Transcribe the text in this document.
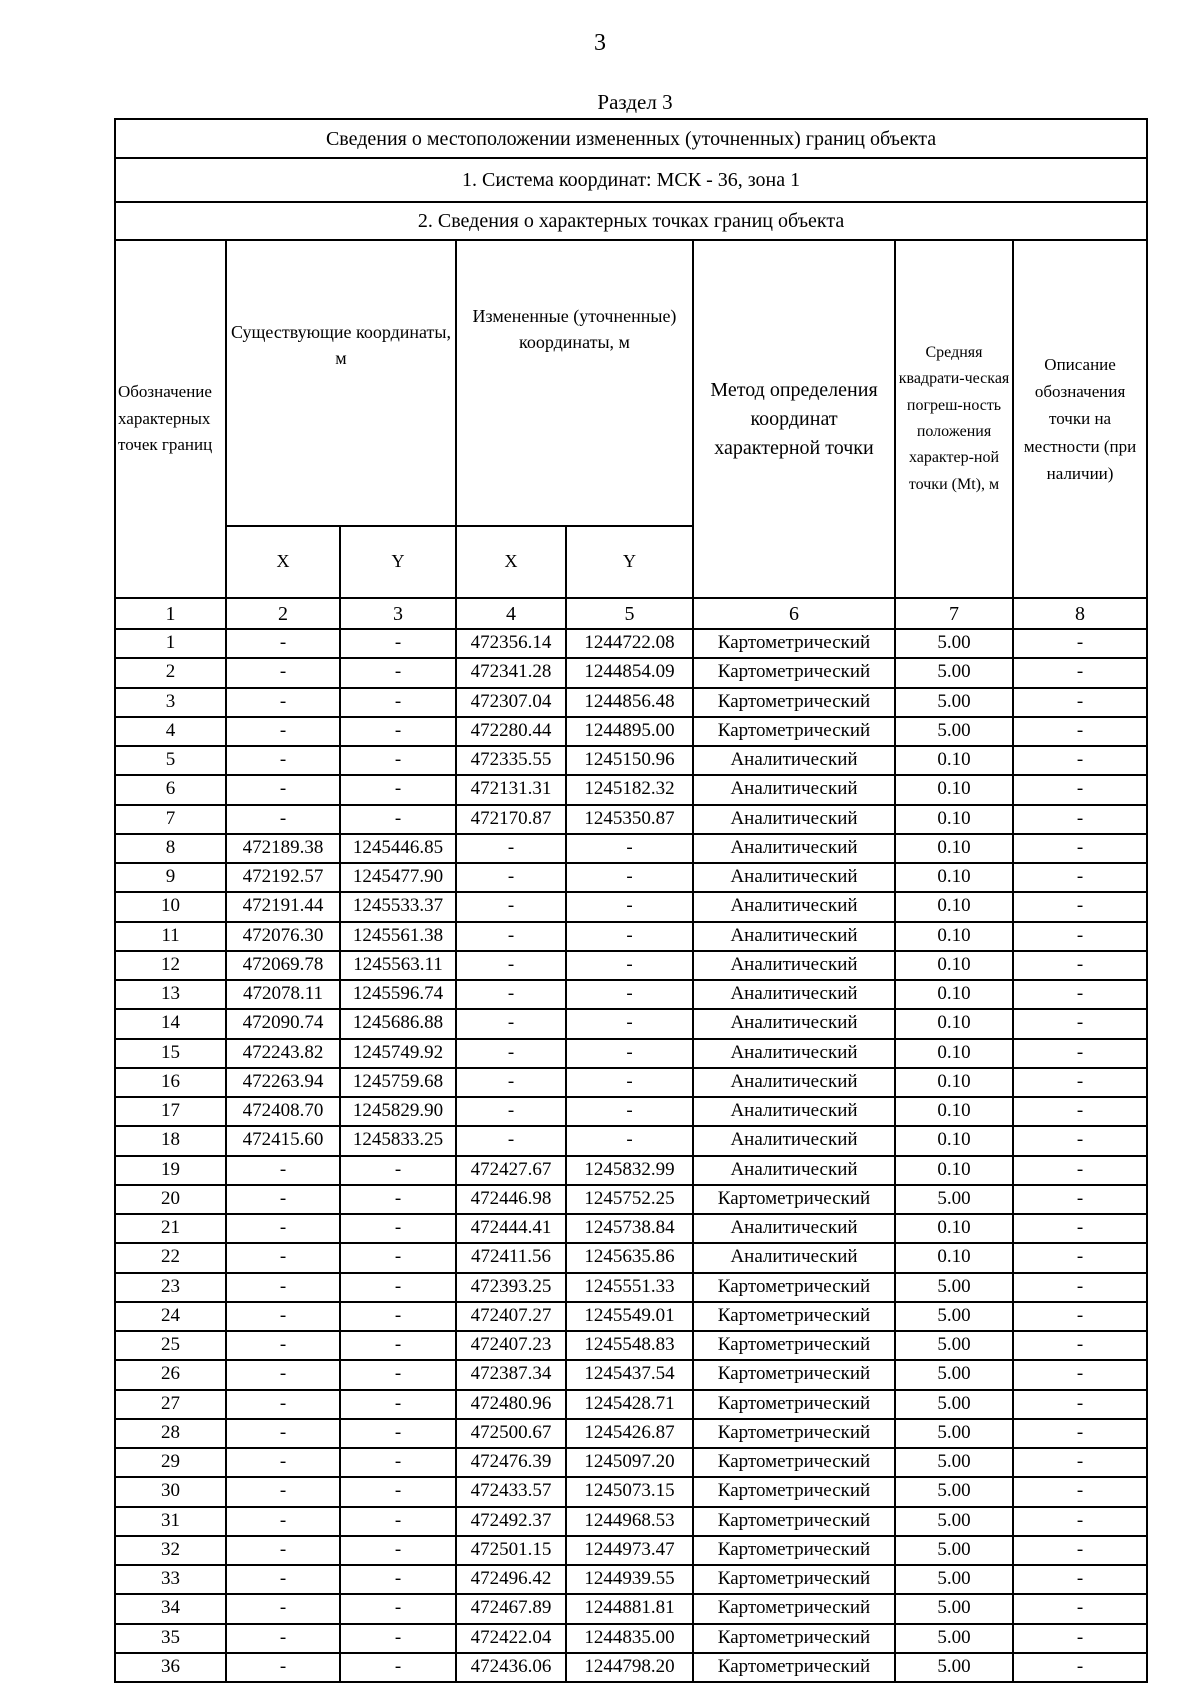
3
Раздел 3
Сведения о местоположении измененных (уточненных) границ объекта							
1. Система координат: МСК - 36, зона 1							
2. Сведения о характерных точках границ объекта							
Обозначение характерных точек границ	Существующие координаты, м		Измененные (уточненные) координаты, м		Метод определения координат характерной точки	Средняя квадрати-ческая погреш-ность положения характер-ной точки (Mt), м	Описание обозначения точки на местности (при наличии)
	X	Y	X	Y			
1	2	3	4	5	6	7	8
1	-	-	472356.14	1244722.08	Картометрический	5.00	-
2	-	-	472341.28	1244854.09	Картометрический	5.00	-
3	-	-	472307.04	1244856.48	Картометрический	5.00	-
4	-	-	472280.44	1244895.00	Картометрический	5.00	-
5	-	-	472335.55	1245150.96	Аналитический	0.10	-
6	-	-	472131.31	1245182.32	Аналитический	0.10	-
7	-	-	472170.87	1245350.87	Аналитический	0.10	-
8	472189.38	1245446.85	-	-	Аналитический	0.10	-
9	472192.57	1245477.90	-	-	Аналитический	0.10	-
10	472191.44	1245533.37	-	-	Аналитический	0.10	-
11	472076.30	1245561.38	-	-	Аналитический	0.10	-
12	472069.78	1245563.11	-	-	Аналитический	0.10	-
13	472078.11	1245596.74	-	-	Аналитический	0.10	-
14	472090.74	1245686.88	-	-	Аналитический	0.10	-
15	472243.82	1245749.92	-	-	Аналитический	0.10	-
16	472263.94	1245759.68	-	-	Аналитический	0.10	-
17	472408.70	1245829.90	-	-	Аналитический	0.10	-
18	472415.60	1245833.25	-	-	Аналитический	0.10	-
19	-	-	472427.67	1245832.99	Аналитический	0.10	-
20	-	-	472446.98	1245752.25	Картометрический	5.00	-
21	-	-	472444.41	1245738.84	Аналитический	0.10	-
22	-	-	472411.56	1245635.86	Аналитический	0.10	-
23	-	-	472393.25	1245551.33	Картометрический	5.00	-
24	-	-	472407.27	1245549.01	Картометрический	5.00	-
25	-	-	472407.23	1245548.83	Картометрический	5.00	-
26	-	-	472387.34	1245437.54	Картометрический	5.00	-
27	-	-	472480.96	1245428.71	Картометрический	5.00	-
28	-	-	472500.67	1245426.87	Картометрический	5.00	-
29	-	-	472476.39	1245097.20	Картометрический	5.00	-
30	-	-	472433.57	1245073.15	Картометрический	5.00	-
31	-	-	472492.37	1244968.53	Картометрический	5.00	-
32	-	-	472501.15	1244973.47	Картометрический	5.00	-
33	-	-	472496.42	1244939.55	Картометрический	5.00	-
34	-	-	472467.89	1244881.81	Картометрический	5.00	-
35	-	-	472422.04	1244835.00	Картометрический	5.00	-
36	-	-	472436.06	1244798.20	Картометрический	5.00	-
